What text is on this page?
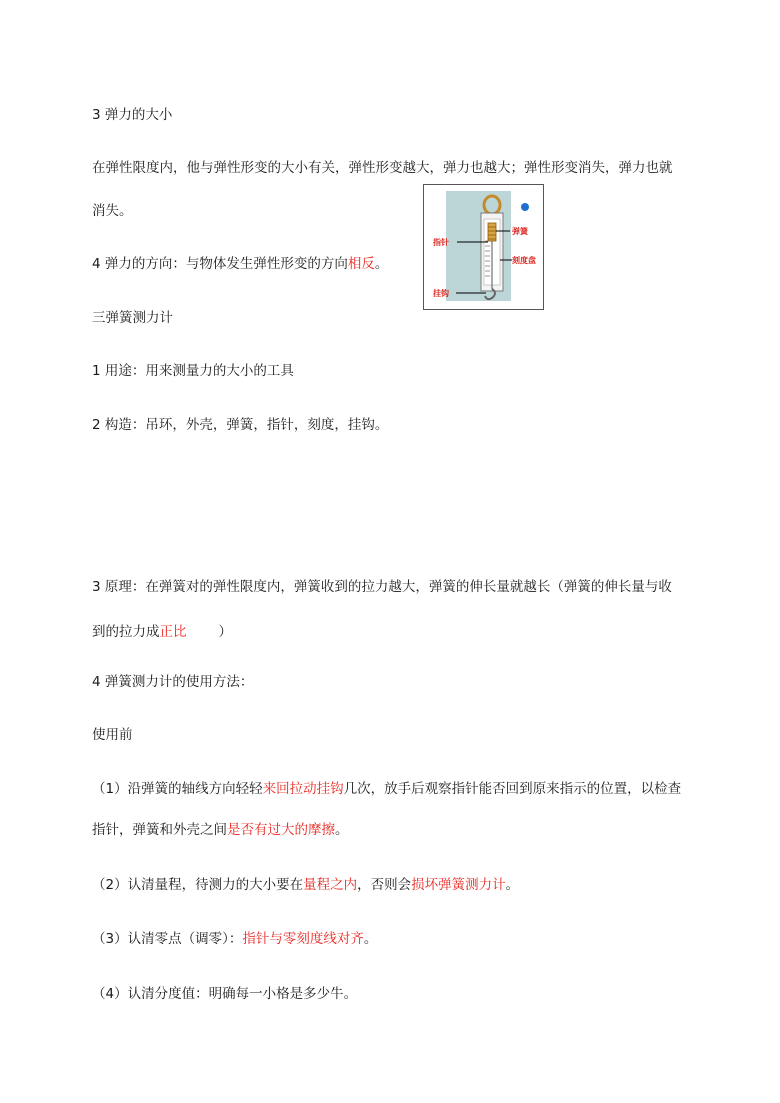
3 弹力的大小
在弹性限度内，他与弹性形变的大小有关，弹性形变越大，弹力也越大；弹性形变消失，弹力也就
消失。
4 弹力的方向：与物体发生弹性形变的方向相反。
三弹簧测力计
1 用途：用来测量力的大小的工具
2 构造：吊环，外壳，弹簧，指针，刻度，挂钩。
3 原理：在弹簧对的弹性限度内，弹簧收到的拉力越大，弹簧的伸长量就越长（弹簧的伸长量与收
到的拉力成正比 ）
4 弹簧测力计的使用方法：
使用前
（1）沿弹簧的轴线方向轻轻来回拉动挂钩几次，放手后观察指针能否回到原来指示的位置，以检查
指针，弹簧和外壳之间是否有过大的摩擦。
（2）认清量程，待测力的大小要在量程之内，否则会损坏弹簧测力计。
（3）认清零点（调零）：指针与零刻度线对齐。
（4）认清分度值：明确每一小格是多少牛。
指针
弹簧
刻度盘
挂钩
